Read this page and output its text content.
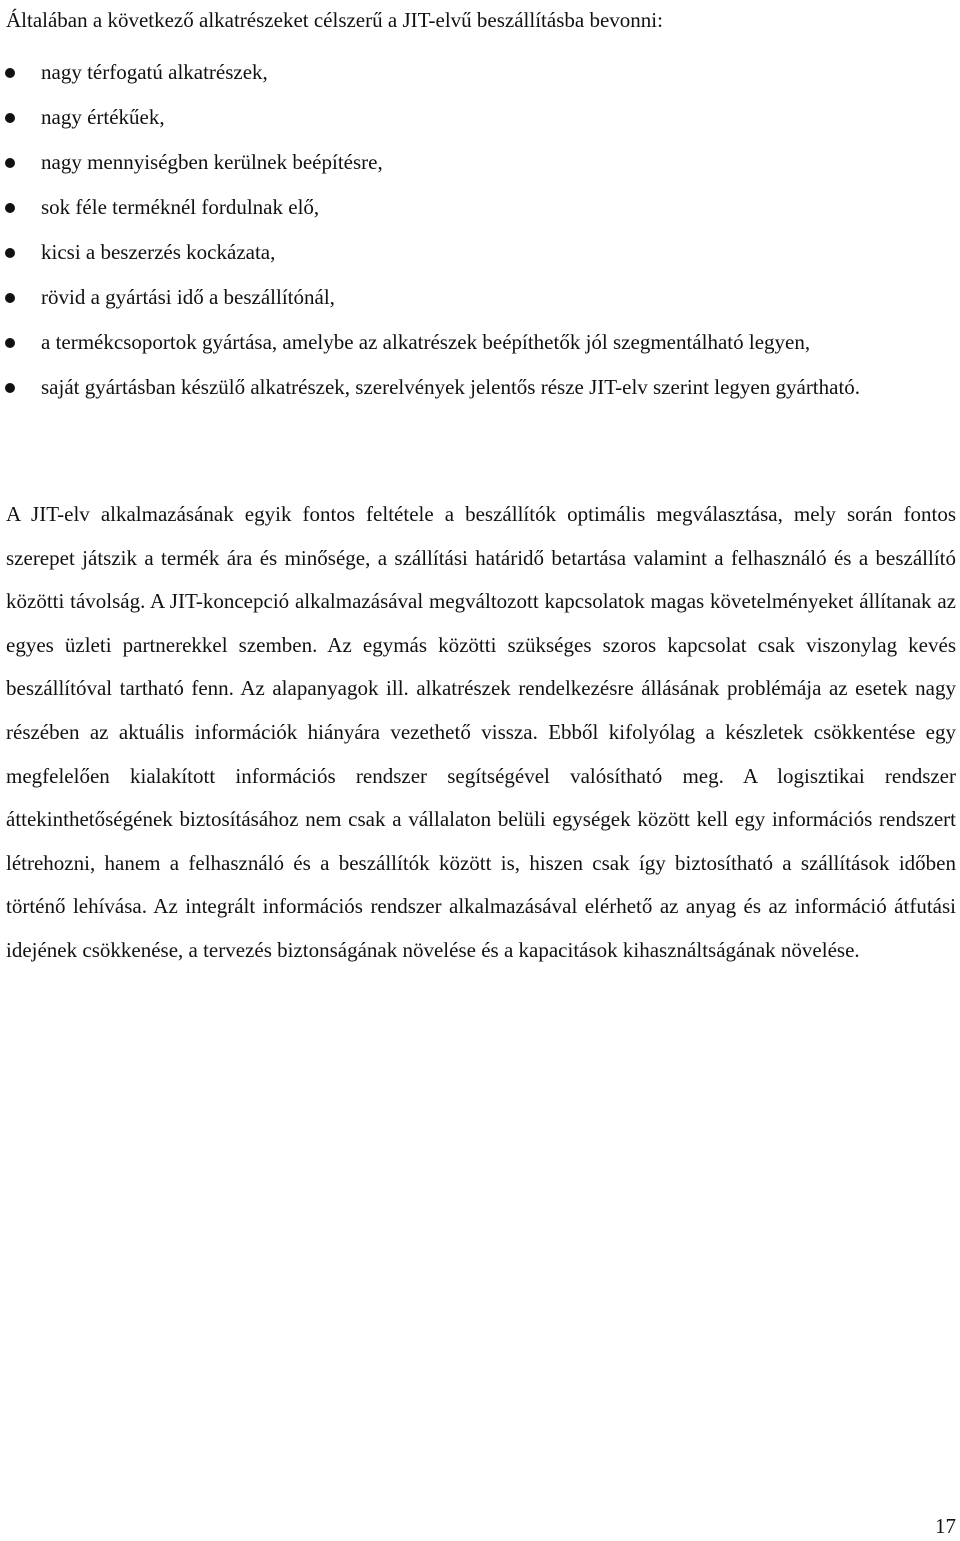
Általában a következő alkatrészeket célszerű a JIT-elvű beszállításba bevonni:

nagy térfogatú alkatrészek,
nagy értékűek,
nagy mennyiségben kerülnek beépítésre,
sok féle terméknél fordulnak elő,
kicsi a beszerzés kockázata,
rövid a gyártási idő a beszállítónál,
a termékcsoportok gyártása, amelybe az alkatrészek beépíthetők jól szegmentálható legyen,
saját gyártásban készülő alkatrészek, szerelvények jelentős része JIT-elv szerint legyen gyártható.

A JIT-elv alkalmazásának egyik fontos feltétele a beszállítók optimális megválasztása, mely során fontos szerepet játszik a termék ára és minősége, a szállítási határidő betartása valamint a felhasználó és a beszállító közötti távolság. A JIT-koncepció alkalmazásával megváltozott kapcsolatok magas követelményeket állítanak az egyes üzleti partnerekkel szemben. Az egymás közötti szükséges szoros kapcsolat csak viszonylag kevés beszállítóval tartható fenn. Az alapanyagok ill. alkatrészek rendelkezésre állásának problémája az esetek nagy részében az aktuális információk hiányára vezethető vissza. Ebből kifolyólag a készletek csökkentése egy megfelelően kialakított információs rendszer segítségével valósítható meg. A logisztikai rendszer áttekinthetőségének biztosításához nem csak a vállalaton belüli egységek között kell egy információs rendszert létrehozni, hanem a felhasználó és a beszállítók között is, hiszen csak így biztosítható a szállítások időben történő lehívása. Az integrált információs rendszer alkalmazásával elérhető az anyag és az információ átfutási idejének csökkenése, a tervezés biztonságának növelése és a kapacitások kihasználtságának növelése.

17
